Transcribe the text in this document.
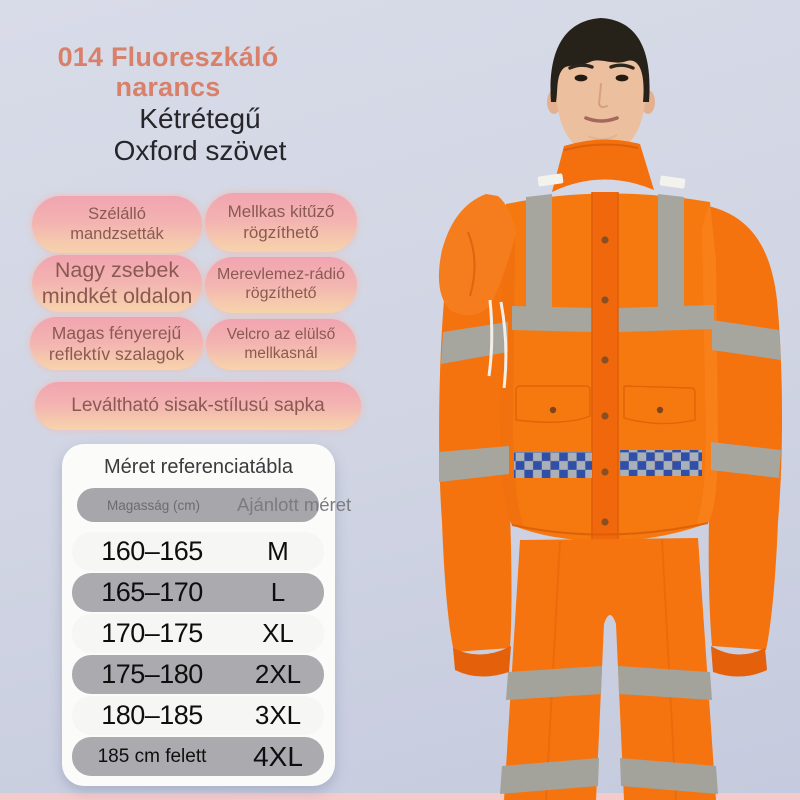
014 Fluoreszkáló
narancs
Kétrétegű
Oxford szövet
Szélálló mandzsetták
Mellkas kitűző rögzíthető
Nagy zsebek mindkét oldalon
Merevlemez-rádió rögzíthető
Magas fényerejű reflektív szalagok
Velcro az elülső mellkasnál
Leváltható sisak-stílusú sapka
Méret referenciatábla
Magasság (cm) Ajánlott méret
160–165	M
165–170	L
170–175	XL
175–180	2XL
180–185	3XL
185 cm felett	4XL
